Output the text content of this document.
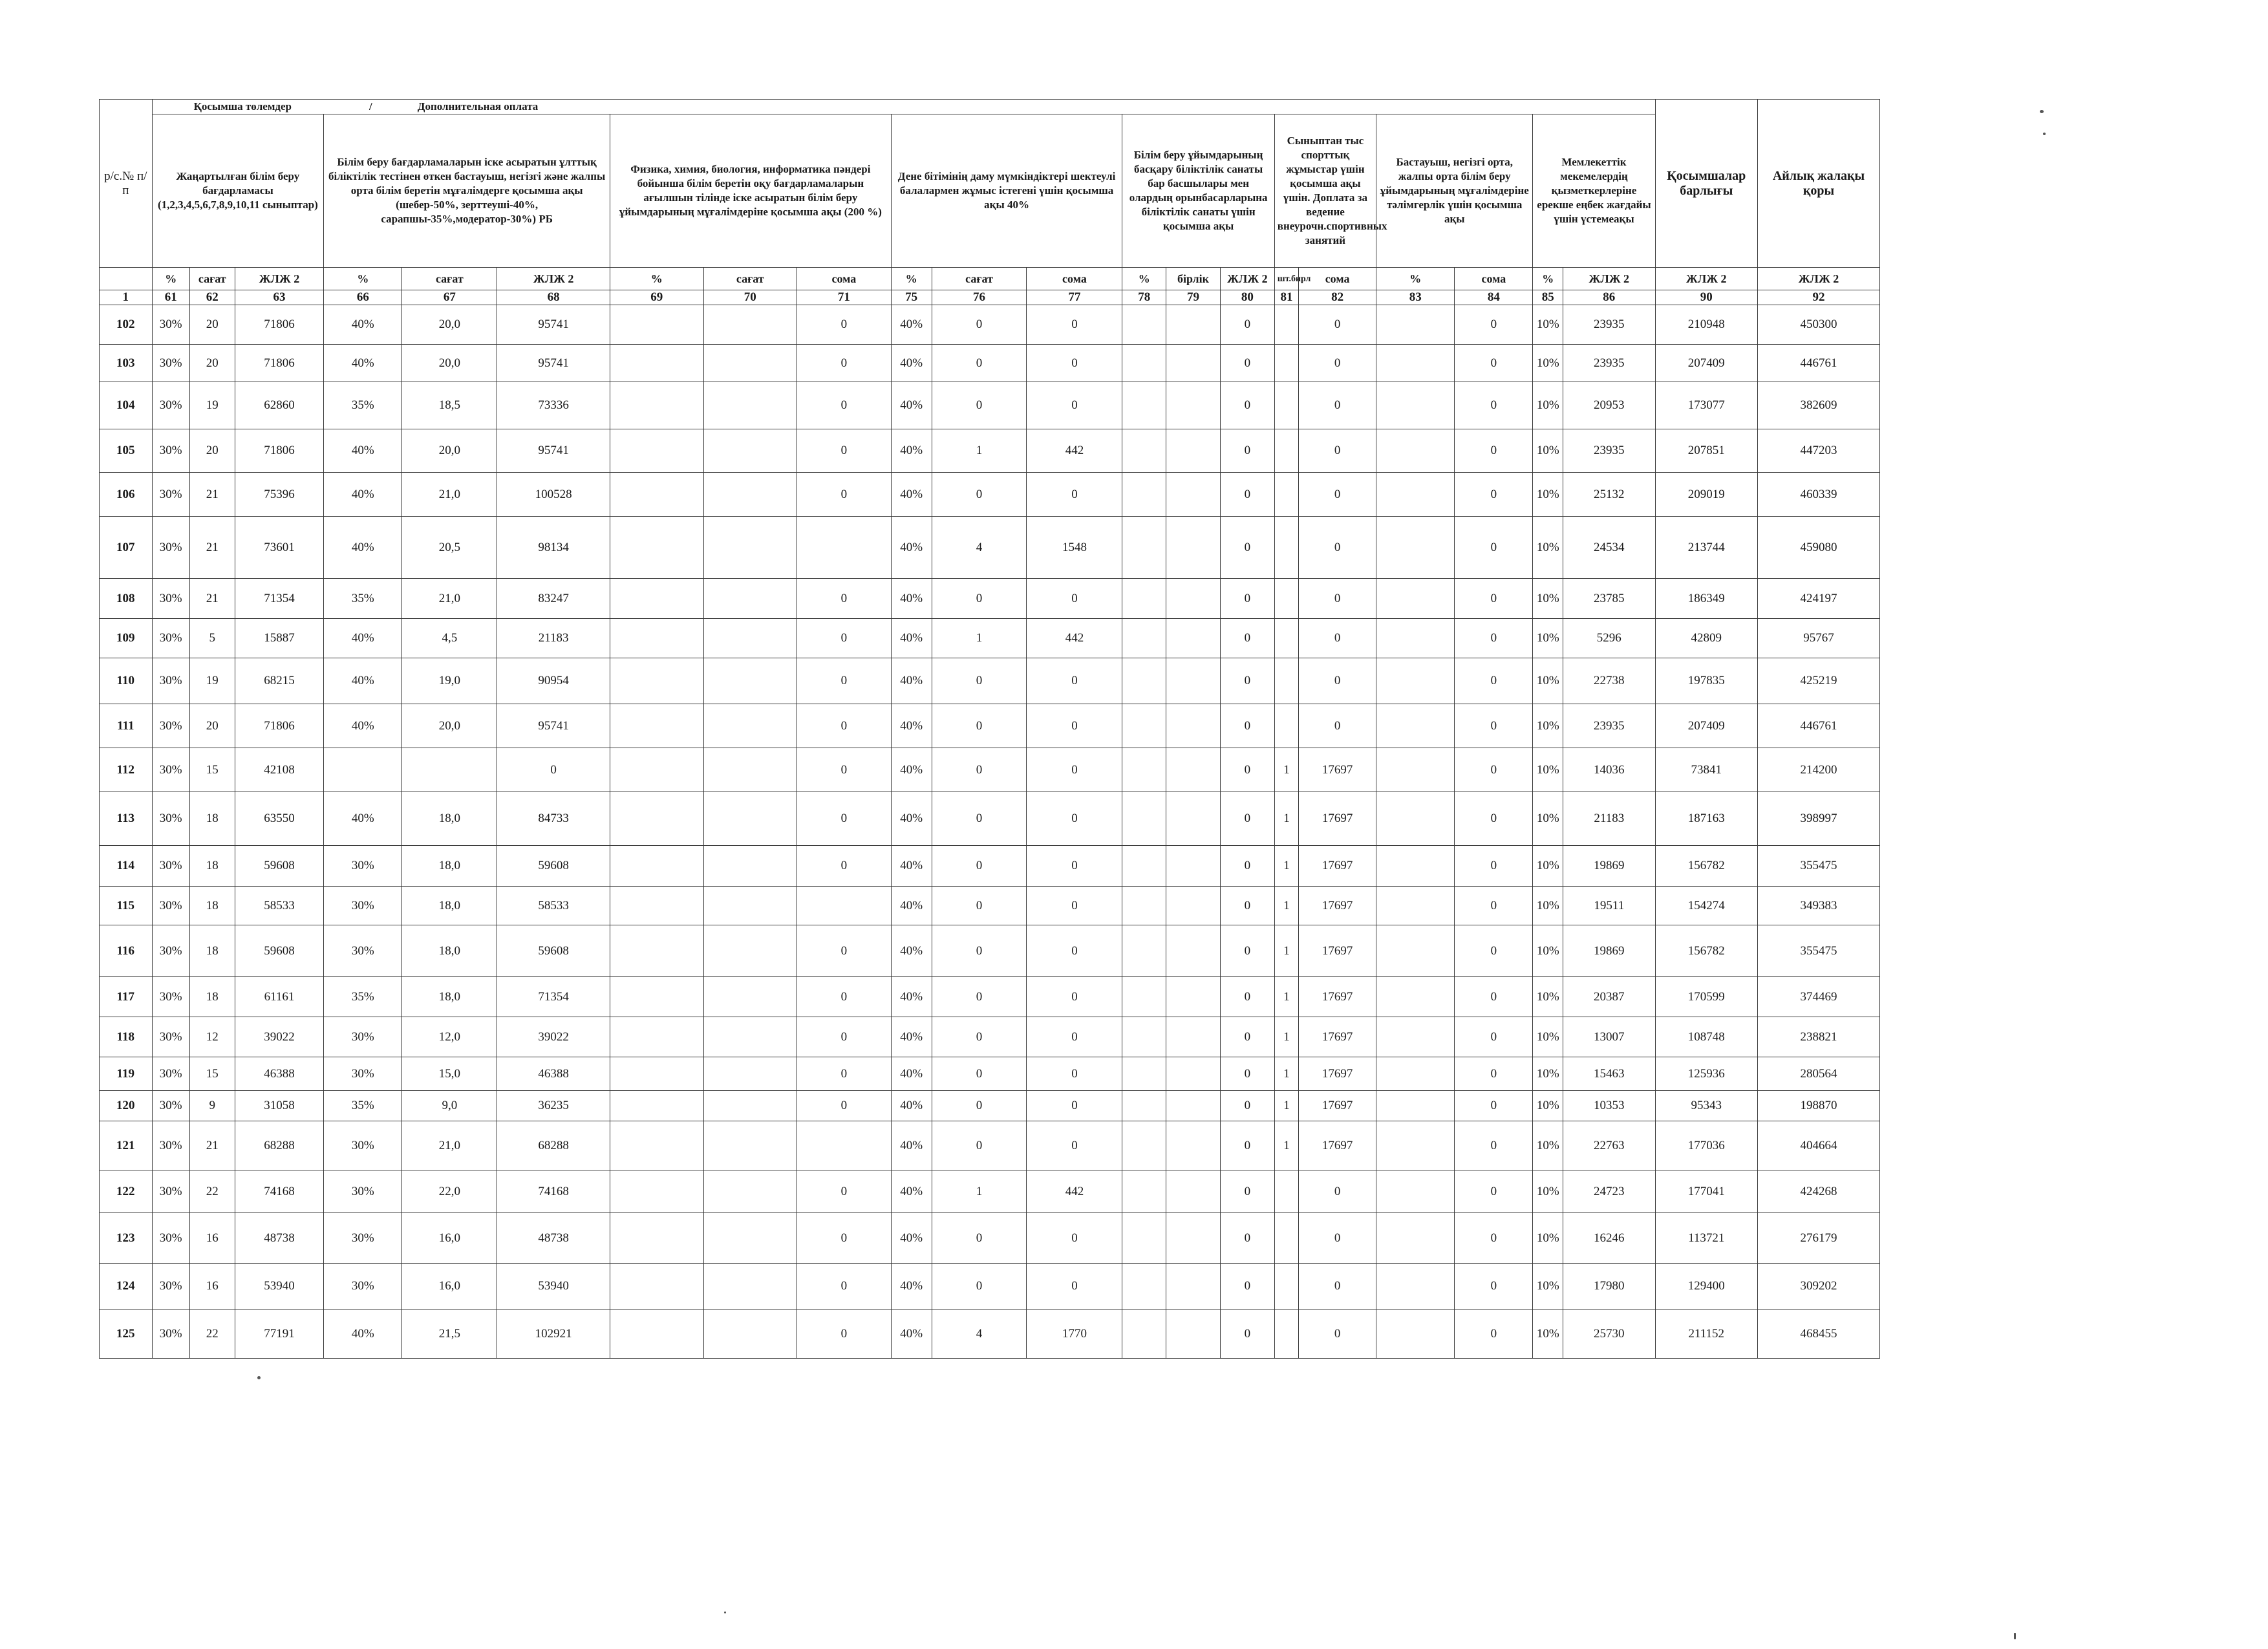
р/с.№ п/п	Қосымша төлемдер / Дополнительная оплата																					Қосымшалар барлығы	Айлық жалақы қоры
	Жаңартылған білім беру бағдарламасы (1,2,3,4,5,6,7,8,9,10,11 сыныптар)			Білім беру бағдарламаларын іске асыратын ұлттық біліктілік тестінен өткен бастауыш, негізгі және жалпы орта білім беретін мұғалімдерге қосымша ақы (шебер-50%, зерттеуші-40%, сарапшы-35%,модератор-30%) РБ			Физика, химия, биология, информатика пәндері бойынша білім беретін оқу бағдарламаларын ағылшын тілінде іске асыратын білім беру ұйымдарының мұғалімдеріне қосымша ақы (200 %)			Дене бітімінің даму мүмкіндіктері шектеулі балалармен жұмыс істегені үшін қосымша ақы 40%			Білім беру ұйымдарының басқару біліктілік санаты бар басшылары мен олардың орынбасарларына біліктілік санаты үшін қосымша ақы			Сыныптан тыс спорттық жұмыстар үшін қосымша ақы үшін. Доплата за ведение внеурочн.спортивных занятий		Бастауыш, негізгі орта, жалпы орта білім беру ұйымдарының мұғалімдеріне тәлімгерлік үшін қосымша ақы		Мемлекеттік мекемелердің қызметкерлеріне ерекше еңбек жағдайы үшін үстемеақы			
	%	сағат	ЖЛЖ 2	%	сағат	ЖЛЖ 2	%	сағат	сома	%	сағат	сома	%	бірлік	ЖЛЖ 2	шт.бирл	сома	%	сома	%	ЖЛЖ 2	ЖЛЖ 2	ЖЛЖ 2
1	61	62	63	66	67	68	69	70	71	75	76	77	78	79	80	81	82	83	84	85	86	90	92
102	30%	20	71806	40%	20,0	95741			0	40%	0	0			0		0		0	10%	23935	210948	450300
103	30%	20	71806	40%	20,0	95741			0	40%	0	0			0		0		0	10%	23935	207409	446761
104	30%	19	62860	35%	18,5	73336			0	40%	0	0			0		0		0	10%	20953	173077	382609
105	30%	20	71806	40%	20,0	95741			0	40%	1	442			0		0		0	10%	23935	207851	447203
106	30%	21	75396	40%	21,0	100528			0	40%	0	0			0		0		0	10%	25132	209019	460339
107	30%	21	73601	40%	20,5	98134				40%	4	1548			0		0		0	10%	24534	213744	459080
108	30%	21	71354	35%	21,0	83247			0	40%	0	0			0		0		0	10%	23785	186349	424197
109	30%	5	15887	40%	4,5	21183			0	40%	1	442			0		0		0	10%	5296	42809	95767
110	30%	19	68215	40%	19,0	90954			0	40%	0	0			0		0		0	10%	22738	197835	425219
111	30%	20	71806	40%	20,0	95741			0	40%	0	0			0		0		0	10%	23935	207409	446761
112	30%	15	42108			0			0	40%	0	0			0	1	17697		0	10%	14036	73841	214200
113	30%	18	63550	40%	18,0	84733			0	40%	0	0			0	1	17697		0	10%	21183	187163	398997
114	30%	18	59608	30%	18,0	59608			0	40%	0	0			0	1	17697		0	10%	19869	156782	355475
115	30%	18	58533	30%	18,0	58533				40%	0	0			0	1	17697		0	10%	19511	154274	349383
116	30%	18	59608	30%	18,0	59608			0	40%	0	0			0	1	17697		0	10%	19869	156782	355475
117	30%	18	61161	35%	18,0	71354			0	40%	0	0			0	1	17697		0	10%	20387	170599	374469
118	30%	12	39022	30%	12,0	39022			0	40%	0	0			0	1	17697		0	10%	13007	108748	238821
119	30%	15	46388	30%	15,0	46388			0	40%	0	0			0	1	17697		0	10%	15463	125936	280564
120	30%	9	31058	35%	9,0	36235			0	40%	0	0			0	1	17697		0	10%	10353	95343	198870
121	30%	21	68288	30%	21,0	68288				40%	0	0			0	1	17697		0	10%	22763	177036	404664
122	30%	22	74168	30%	22,0	74168			0	40%	1	442			0		0		0	10%	24723	177041	424268
123	30%	16	48738	30%	16,0	48738			0	40%	0	0			0		0		0	10%	16246	113721	276179
124	30%	16	53940	30%	16,0	53940			0	40%	0	0			0		0		0	10%	17980	129400	309202
125	30%	22	77191	40%	21,5	102921			0	40%	4	1770			0		0		0	10%	25730	211152	468455
